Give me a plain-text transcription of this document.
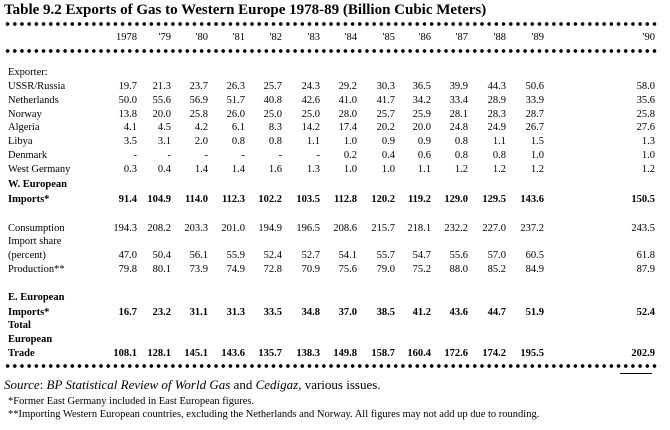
Table 9.2 Exports of Gas to Western Europe 1978-89 (Billion Cubic Meters)
1978	'79	'80	'81	'82	'83	'84	'85	'86	'87	'88	'89	'90
Exporter:
USSR/Russia	19.7	21.3	23.7	26.3	25.7	24.3	29.2	30.3	36.5	39.9	44.3	50.6	58.0
Netherlands	50.0	55.6	56.9	51.7	40.8	42.6	41.0	41.7	34.2	33.4	28.9	33.9	35.6
Norway	13.8	20.0	25.8	26.0	25.0	25.0	28.0	25.7	25.9	28.1	28.3	28.7	25.8
Algeria	4.1	4.5	4.2	6.1	8.3	14.2	17.4	20.2	20.0	24.8	24.9	26.7	27.6
Libya	3.5	3.1	2.0	0.8	0.8	1.1	1.0	0.9	0.9	0.8	1.1	1.5	1.3
Denmark	-	-	-	-	-	-	0.2	0.4	0.6	0.8	0.8	1.0	1.0
West Germany	0.3	0.4	1.4	1.4	1.6	1.3	1.0	1.0	1.1	1.2	1.2	1.2	1.2
W. European
Imports*	91.4 104.9	114.0	112.3	102.2	103.5	112.8	120.2	119.2	129.0	129.5	143.6	150.5
Consumption	194.3 208.2	203.3	201.0	194.9	196.5	208.6	215.7	218.1	232.2	227.0	237.2	243.5
Import share
(percent)	47.0	50.4	56.1	55.9	52.4	52.7	54.1	55.7	54.7	55.6	57.0	60.5	61.8
Production**	79.8	80.1	73.9	74.9	72.8	70.9	75.6	79.0	75.2	88.0	85.2	84.9	87.9
E. European
Imports*	16.7	23.2	31.1	31.3	33.5	34.8	37.0	38.5	41.2	43.6	44.7	51.9	52.4
Total
European
Trade	108.1 128.1	145.1	143.6	135.7	138.3	149.8	158.7	160.4	172.6	174.2	195.5	202.9
Source: BP Statistical Review of World Gas and Cedigaz, various issues.
*Former East Germany included in East European figures.
**Importing Western European countries, excluding the Netherlands and Norway. All figures may not add up due to rounding.
